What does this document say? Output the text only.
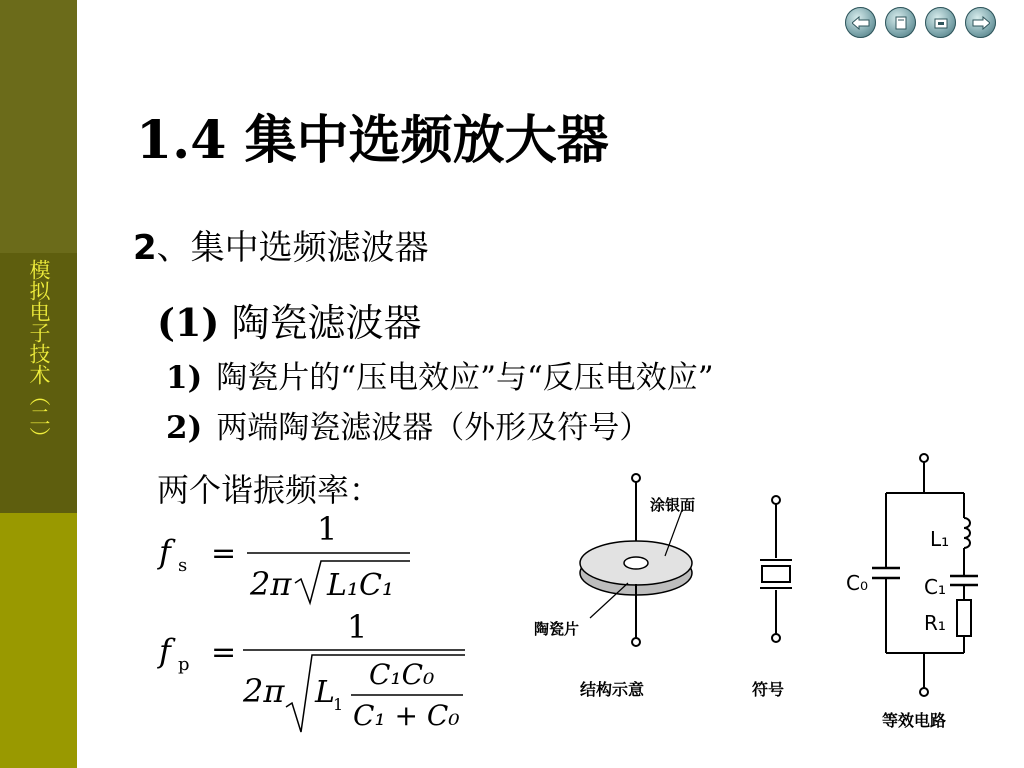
模拟电子技术（二）
1.4 集中选频放大器
2、集中选频滤波器
(1) 陶瓷滤波器
1) 陶瓷片的“压电效应”与“反压电效应”
2) 两端陶瓷滤波器（外形及符号）
两个谐振频率：
f s =
1
2π L₁C₁
f p =
1
2π L
1
C₁C₀
C₁ + C₀
涂银面
陶瓷片
结构示意	符号
C₀
L₁
C₁
R₁
等效电路
